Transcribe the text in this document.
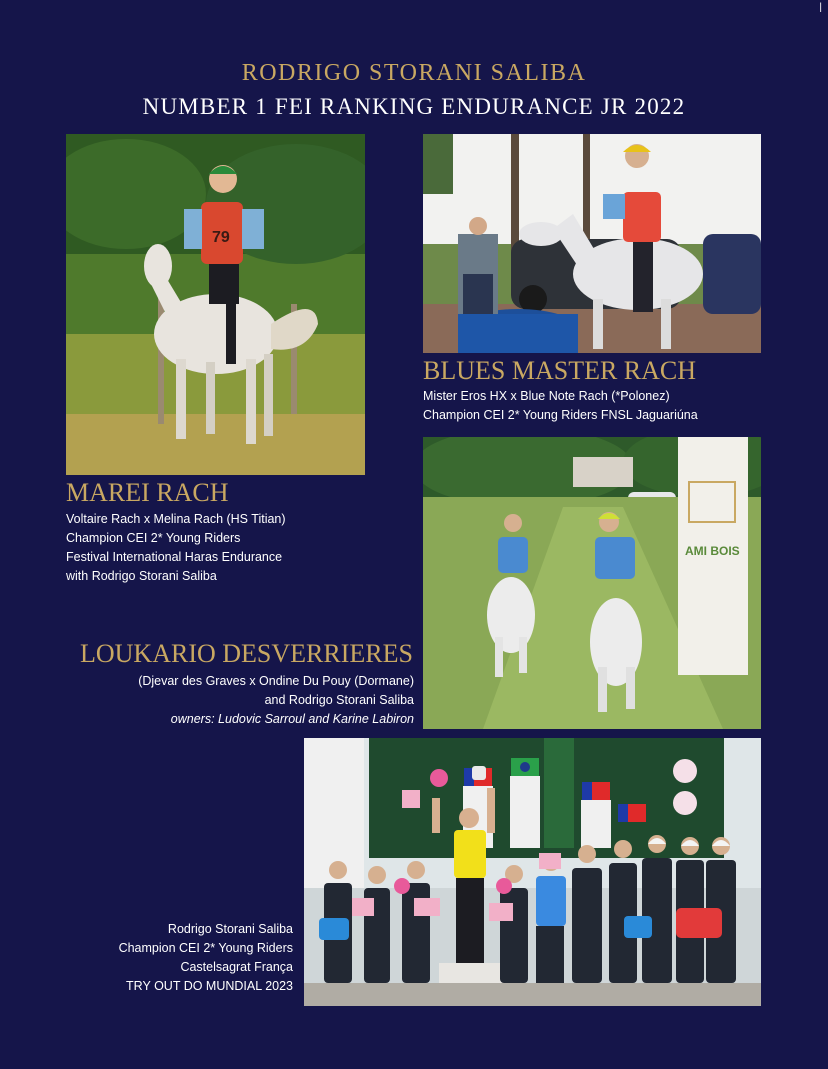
|
RODRIGO STORANI SALIBA
NUMBER 1 FEI RANKING ENDURANCE JR 2022
79
BLUES MASTER RACH
Mister Eros HX x Blue Note Rach (*Polonez)
Champion CEI 2* Young Riders FNSL Jaguariúna
MAREI RACH
Voltaire Rach x Melina Rach (HS Titian)
Champion CEI 2* Young Riders
Festival International Haras Endurance
with Rodrigo Storani Saliba
AMI BOIS
LOUKARIO DESVERRIERES
(Djevar des Graves x Ondine Du Pouy (Dormane)
and Rodrigo Storani Saliba
owners: Ludovic Sarroul and Karine Labiron
Rodrigo Storani Saliba
Champion CEI 2* Young Riders
Castelsagrat França
TRY OUT DO MUNDIAL 2023
